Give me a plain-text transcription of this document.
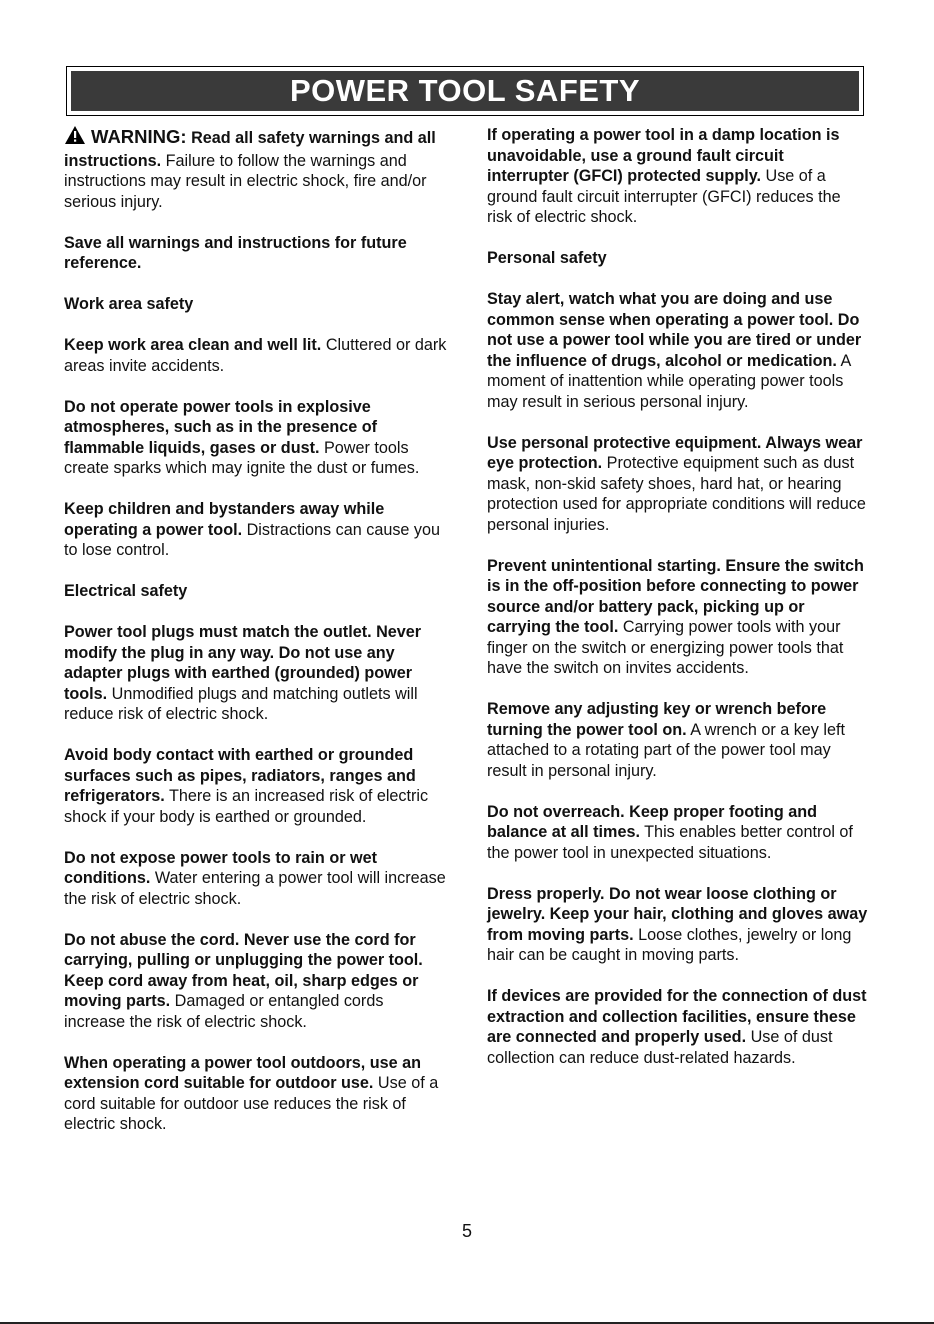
POWER TOOL SAFETY

WARNING: Read all safety warnings and all instructions. Failure to follow the warnings and instructions may result in electric shock, fire and/or serious injury.

Save all warnings and instructions for future reference.

Work area safety

Keep work area clean and well lit. Cluttered or dark areas invite accidents.

Do not operate power tools in explosive atmospheres, such as in the presence of flammable liquids, gases or dust. Power tools create sparks which may ignite the dust or fumes.

Keep children and bystanders away while operating a power tool. Distractions can cause you to lose control.

Electrical safety

Power tool plugs must match the outlet. Never modify the plug in any way. Do not use any adapter plugs with earthed (grounded) power tools. Unmodified plugs and matching outlets will reduce risk of electric shock.

Avoid body contact with earthed or grounded surfaces such as pipes, radiators, ranges and refrigerators. There is an increased risk of electric shock if your body is earthed or grounded.

Do not expose power tools to rain or wet conditions. Water entering a power tool will increase the risk of electric shock.

Do not abuse the cord. Never use the cord for carrying, pulling or unplugging the power tool. Keep cord away from heat, oil, sharp edges or moving parts. Damaged or entangled cords increase the risk of electric shock.

When operating a power tool outdoors, use an extension cord suitable for outdoor use. Use of a cord suitable for outdoor use reduces the risk of electric shock.

If operating a power tool in a damp location is unavoidable, use a ground fault circuit interrupter (GFCI) protected supply. Use of a ground fault circuit interrupter (GFCI) reduces the risk of electric shock.

Personal safety

Stay alert, watch what you are doing and use common sense when operating a power tool. Do not use a power tool while you are tired or under the influence of drugs, alcohol or medication. A moment of inattention while operating power tools may result in serious personal injury.

Use personal protective equipment. Always wear eye protection. Protective equipment such as dust mask, non-skid safety shoes, hard hat, or hearing protection used for appropriate conditions will reduce personal injuries.

Prevent unintentional starting. Ensure the switch is in the off-position before connecting to power source and/or battery pack, picking up or carrying the tool. Carrying power tools with your finger on the switch or energizing power tools that have the switch on invites accidents.

Remove any adjusting key or wrench before turning the power tool on. A wrench or a key left attached to a rotating part of the power tool may result in personal injury.

Do not overreach. Keep proper footing and balance at all times. This enables better control of the power tool in unexpected situations.

Dress properly. Do not wear loose clothing or jewelry. Keep your hair, clothing and gloves away from moving parts. Loose clothes, jewelry or long hair can be caught in moving parts.

If devices are provided for the connection of dust extraction and collection facilities, ensure these are connected and properly used. Use of dust collection can reduce dust-related hazards.

5
